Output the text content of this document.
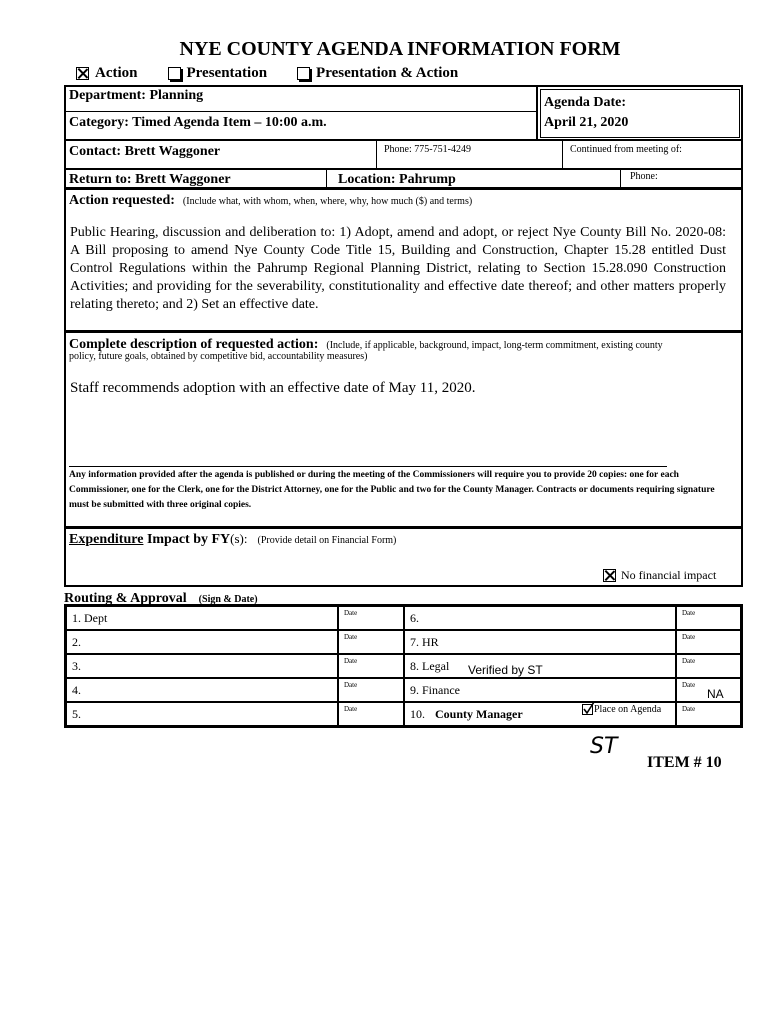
NYE COUNTY AGENDA INFORMATION FORM
Action	Presentation	Presentation & Action
Department: Planning
Category: Timed Agenda Item – 10:00 a.m.
Agenda Date:
April 21, 2020
Contact: Brett Waggoner	Phone: 775-751-4249	Continued from meeting of:
Return to: Brett Waggoner	Location: Pahrump	Phone:
Action requested: (Include what, with whom, when, where, why, how much ($) and terms)
Public Hearing, discussion and deliberation to: 1) Adopt, amend and adopt, or reject Nye County Bill No. 2020-08: A Bill proposing to amend Nye County Code Title 15, Building and Construction, Chapter 15.28 entitled Dust Control Regulations within the Pahrump Regional Planning District, relating to Section 15.28.090 Construction Activities; and providing for the severability, constitutionality and effective date thereof; and other matters properly relating thereto; and 2) Set an effective date.
Complete description of requested action: (Include, if applicable, background, impact, long-term commitment, existing county
policy, future goals, obtained by competitive bid, accountability measures)
Staff recommends adoption with an effective date of May 11, 2020.
Any information provided after the agenda is published or during the meeting of the Commissioners will require you to provide 20 copies: one for each Commissioner, one for the Clerk, one for the District Attorney, one for the Public and two for the County Manager. Contracts or documents requiring signature must be submitted with three original copies.
Expenditure Impact by FY(s): (Provide detail on Financial Form)
No financial impact
Routing & Approval (Sign & Date)
1. Dept	Date	6.	Date
2.	Date	7. HR	Date
3.	Date	8. Legal	Date
4.	Date	9. Finance	Date
5.	Date	10. County Manager	Date
Place on Agenda
Verified by ST
NA
ST
ITEM # 10
